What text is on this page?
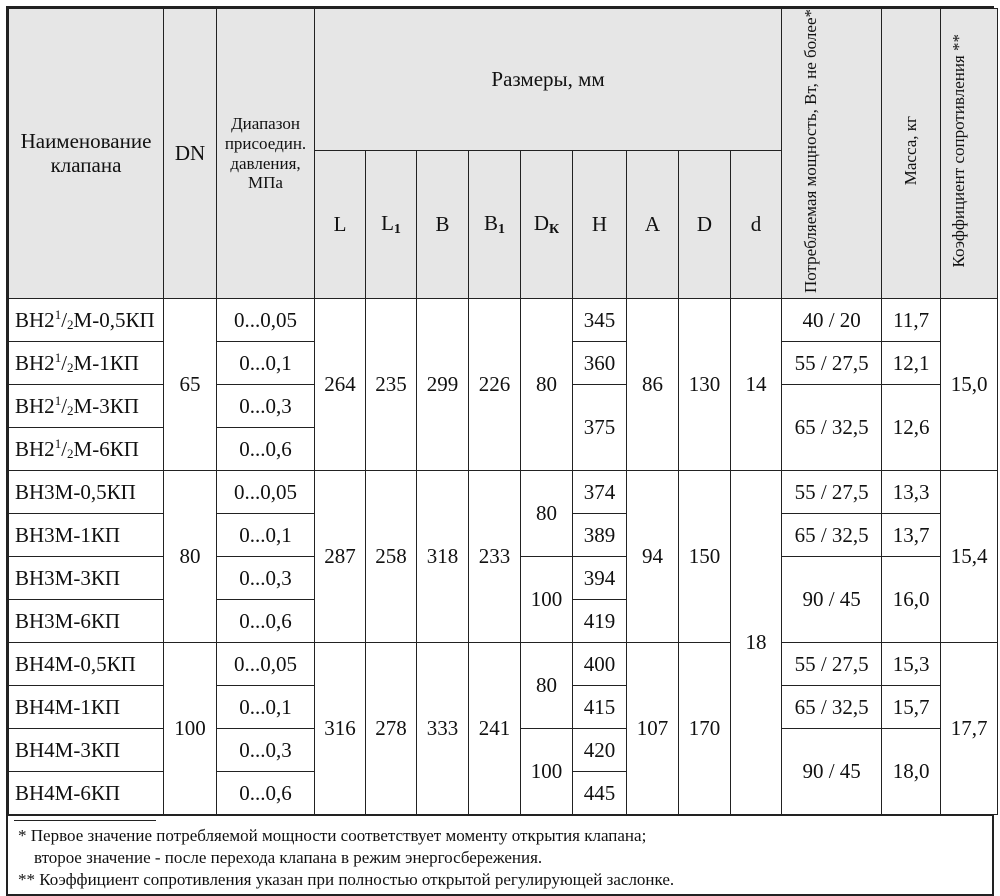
Наименование клапана	DN	Диапазон присоедин. давления, МПа	Размеры, мм									Потребляемая мощность, Вт, не более*	Масса, кг	Коэффициент сопротивления **
			L	$L_1$	B	$B_1$	$D_К$	H	A	D	d			
$ВН2^1/2М-0,5КП$	65	0...0,05	264	235	299	226	80	345	86	130	14	40 / 20	11,7	15,0
$ВН2^1/2М-1КП$		0...0,1						360				55 / 27,5	12,1	
$ВН2^1/2М-3КП$		0...0,3						375				65 / 32,5	12,6	
$ВН2^1/2М-6КП$		0...0,6												
ВН3М-0,5КП	80	0...0,05	287	258	318	233	80	374	94	150	18	55 / 27,5	13,3	15,4
ВН3М-1КП		0...0,1						389				65 / 32,5	13,7	
ВН3М-3КП		0...0,3					100	394				90 / 45	16,0	
ВН3М-6КП		0...0,6						419						
ВН4М-0,5КП	100	0...0,05	316	278	333	241	80	400	107	170		55 / 27,5	15,3	17,7
ВН4М-1КП		0...0,1						415				65 / 32,5	15,7	
ВН4М-3КП		0...0,3					100	420				90 / 45	18,0	
ВН4М-6КП		0...0,6						445						
* Первое значение потребляемой мощности соответствует моменту открытия клапана;
вторoе значение - после перехода клапана в режим энергосбережения.
** Коэффициент сопротивления указан при полностью открытой регулирующей заслонке.
